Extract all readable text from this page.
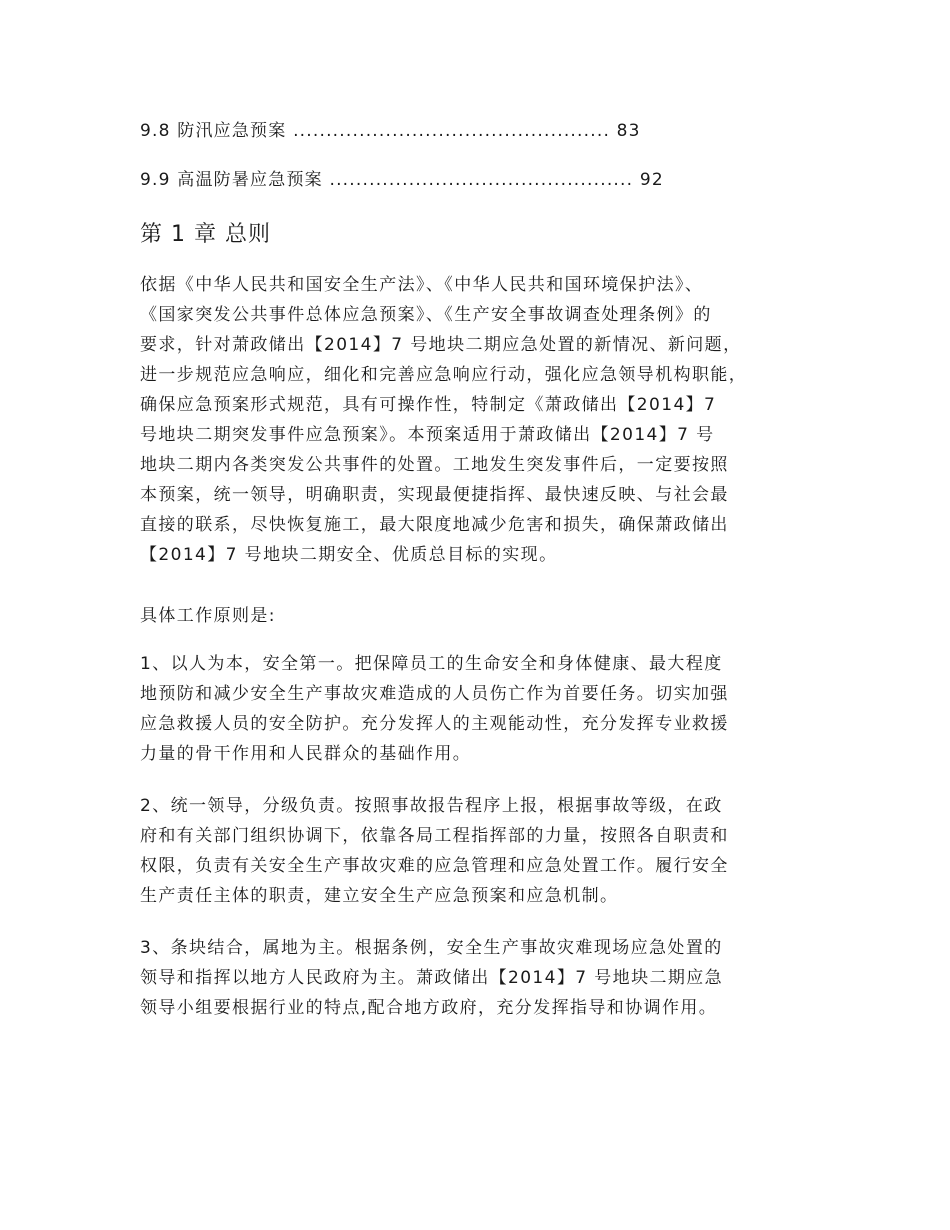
9.8 防汛应急预案 ................................................ 83
9.9 高温防暑应急预案 .............................................. 92
第 1 章 总则
依据《中华人民共和国安全生产法》、《中华人民共和国环境保护法》、
《国家突发公共事件总体应急预案》、《生产安全事故调查处理条例》的
要求，针对萧政储出【2014】7 号地块二期应急处置的新情况、新问题，
进一步规范应急响应，细化和完善应急响应行动，强化应急领导机构职能，
确保应急预案形式规范，具有可操作性，特制定《萧政储出【2014】7
号地块二期突发事件应急预案》。本预案适用于萧政储出【2014】7 号
地块二期内各类突发公共事件的处置。工地发生突发事件后，一定要按照
本预案，统一领导，明确职责，实现最便捷指挥、最快速反映、与社会最
直接的联系，尽快恢复施工，最大限度地减少危害和损失，确保萧政储出
【2014】7 号地块二期安全、优质总目标的实现。
具体工作原则是:
1、以人为本，安全第一。把保障员工的生命安全和身体健康、最大程度
地预防和减少安全生产事故灾难造成的人员伤亡作为首要任务。切实加强
应急救援人员的安全防护。充分发挥人的主观能动性，充分发挥专业救援
力量的骨干作用和人民群众的基础作用。
2、统一领导，分级负责。按照事故报告程序上报，根据事故等级，在政
府和有关部门组织协调下，依靠各局工程指挥部的力量，按照各自职责和
权限，负责有关安全生产事故灾难的应急管理和应急处置工作。履行安全
生产责任主体的职责，建立安全生产应急预案和应急机制。
3、条块结合，属地为主。根据条例，安全生产事故灾难现场应急处置的
领导和指挥以地方人民政府为主。萧政储出【2014】7 号地块二期应急
领导小组要根据行业的特点,配合地方政府，充分发挥指导和协调作用。
